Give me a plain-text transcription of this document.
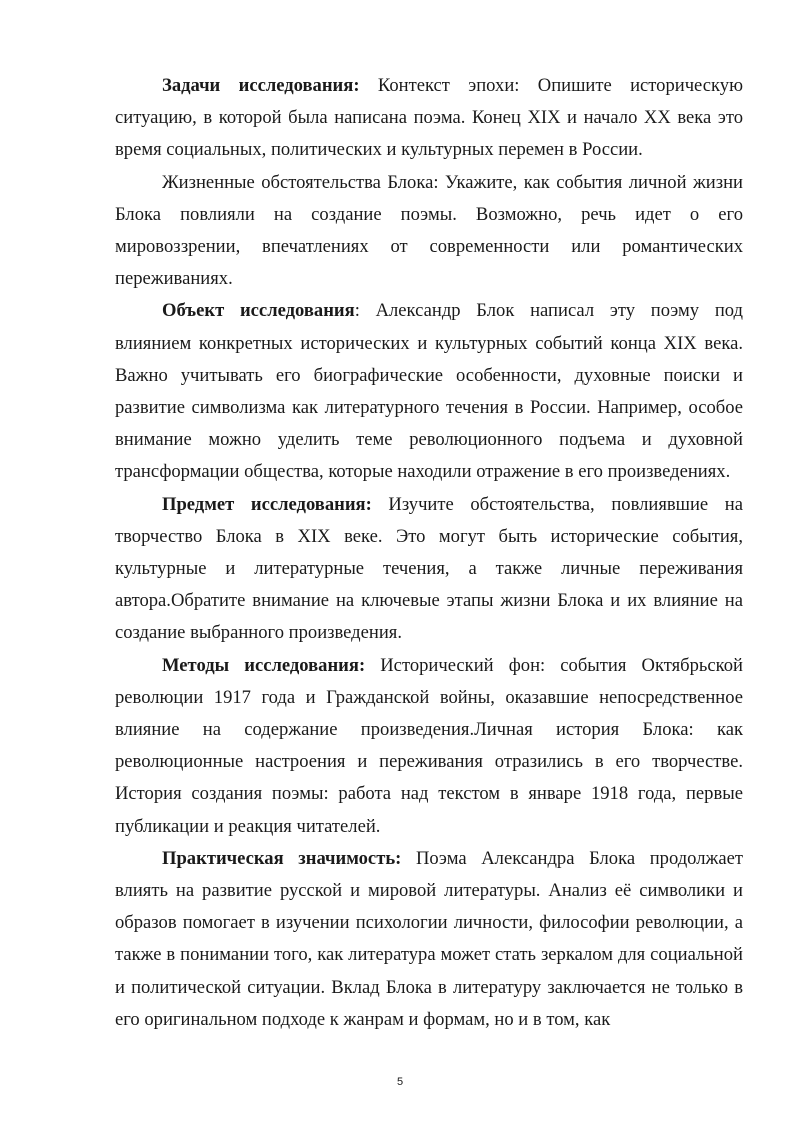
Задачи исследования: Контекст эпохи: Опишите историческую ситуацию, в которой была написана поэма. Конец XIX и начало XX века это время социальных, политических и культурных перемен в России.

Жизненные обстоятельства Блока: Укажите, как события личной жизни Блока повлияли на создание поэмы. Возможно, речь идет о его мировоззрении, впечатлениях от современности или романтических переживаниях.

Объект исследования: Александр Блок написал эту поэму под влиянием конкретных исторических и культурных событий конца XIX века. Важно учитывать его биографические особенности, духовные поиски и развитие символизма как литературного течения в России. Например, особое внимание можно уделить теме революционного подъема и духовной трансформации общества, которые находили отражение в его произведениях.

Предмет исследования: Изучите обстоятельства, повлиявшие на творчество Блока в XIX веке. Это могут быть исторические события, культурные и литературные течения, а также личные переживания автора.Обратите внимание на ключевые этапы жизни Блока и их влияние на создание выбранного произведения.

Методы исследования: Исторический фон: события Октябрьской революции 1917 года и Гражданской войны, оказавшие непосредственное влияние на содержание произведения.Личная история Блока: как революционные настроения и переживания отразились в его творчестве. История создания поэмы: работа над текстом в январе 1918 года, первые публикации и реакция читателей.

Практическая значимость: Поэма Александра Блока продолжает влиять на развитие русской и мировой литературы. Анализ её символики и образов помогает в изучении психологии личности, философии революции, а также в понимании того, как литература может стать зеркалом для социальной и политической ситуации. Вклад Блока в литературу заключается не только в его оригинальном подходе к жанрам и формам, но и в том, как

5
